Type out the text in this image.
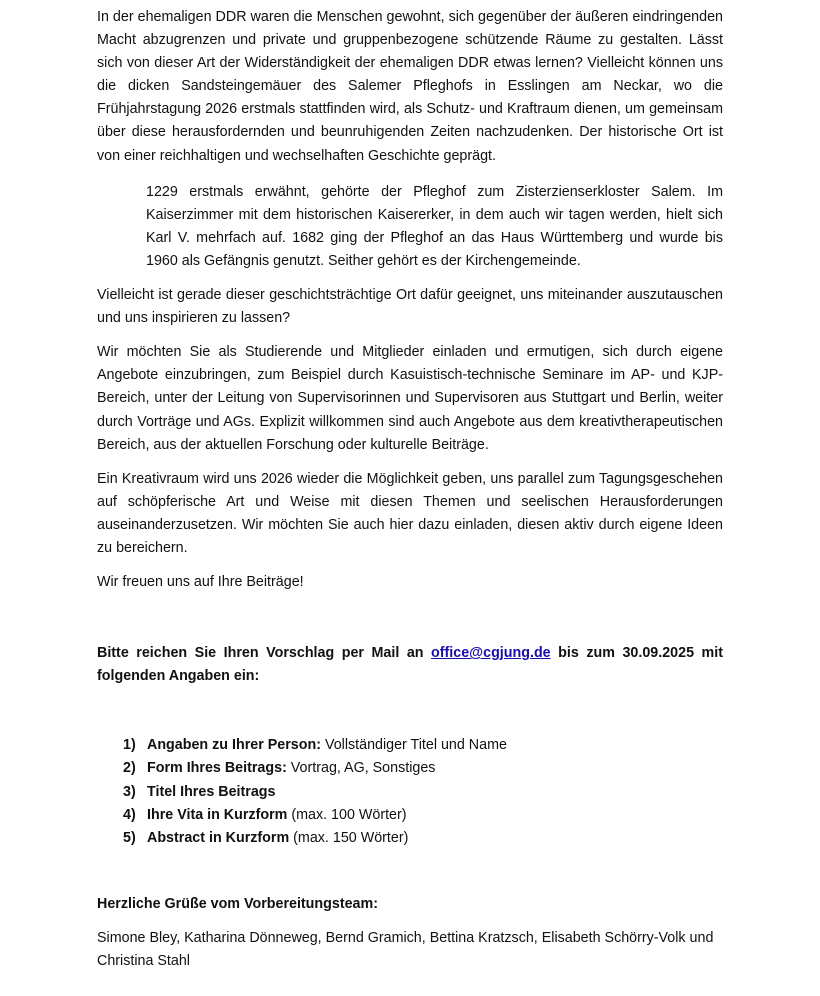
In der ehemaligen DDR waren die Menschen gewohnt, sich gegenüber der äußeren eindringenden Macht abzugrenzen und private und gruppenbezogene schützende Räume zu gestalten. Lässt sich von dieser Art der Widerständigkeit der ehemaligen DDR etwas lernen? Vielleicht können uns die dicken Sandsteingemäuer des Salemer Pfleghofs in Esslingen am Neckar, wo die Frühjahrstagung 2026 erstmals stattfinden wird, als Schutz- und Kraftraum dienen, um gemeinsam über diese herausfordernden und beunruhigenden Zeiten nachzudenken. Der historische Ort ist von einer reichhaltigen und wechselhaften Geschichte geprägt.

1229 erstmals erwähnt, gehörte der Pfleghof zum Zisterzienserkloster Salem. Im Kaiserzimmer mit dem historischen Kaisererker, in dem auch wir tagen werden, hielt sich Karl V. mehrfach auf. 1682 ging der Pfleghof an das Haus Württemberg und wurde bis 1960 als Gefängnis genutzt. Seither gehört es der Kirchengemeinde.

Vielleicht ist gerade dieser geschichtsträchtige Ort dafür geeignet, uns miteinander auszutauschen und uns inspirieren zu lassen?

Wir möchten Sie als Studierende und Mitglieder einladen und ermutigen, sich durch eigene Angebote einzubringen, zum Beispiel durch Kasuistisch-technische Seminare im AP- und KJP-Bereich, unter der Leitung von Supervisorinnen und Supervisoren aus Stuttgart und Berlin, weiter durch Vorträge und AGs. Explizit willkommen sind auch Angebote aus dem kreativtherapeutischen Bereich, aus der aktuellen Forschung oder kulturelle Beiträge.

Ein Kreativraum wird uns 2026 wieder die Möglichkeit geben, uns parallel zum Tagungsgeschehen auf schöpferische Art und Weise mit diesen Themen und seelischen Herausforderungen auseinanderzusetzen. Wir möchten Sie auch hier dazu einladen, diesen aktiv durch eigene Ideen zu bereichern.

Wir freuen uns auf Ihre Beiträge!

Bitte reichen Sie Ihren Vorschlag per Mail an office@cgjung.de bis zum 30.09.2025 mit folgenden Angaben ein:

1) Angaben zu Ihrer Person: Vollständiger Titel und Name
2) Form Ihres Beitrags: Vortrag, AG, Sonstiges
3) Titel Ihres Beitrags
4) Ihre Vita in Kurzform (max. 100 Wörter)
5) Abstract in Kurzform (max. 150 Wörter)

Herzliche Grüße vom Vorbereitungsteam:

Simone Bley, Katharina Dönneweg, Bernd Gramich, Bettina Kratzsch, Elisabeth Schörry-Volk und Christina Stahl
